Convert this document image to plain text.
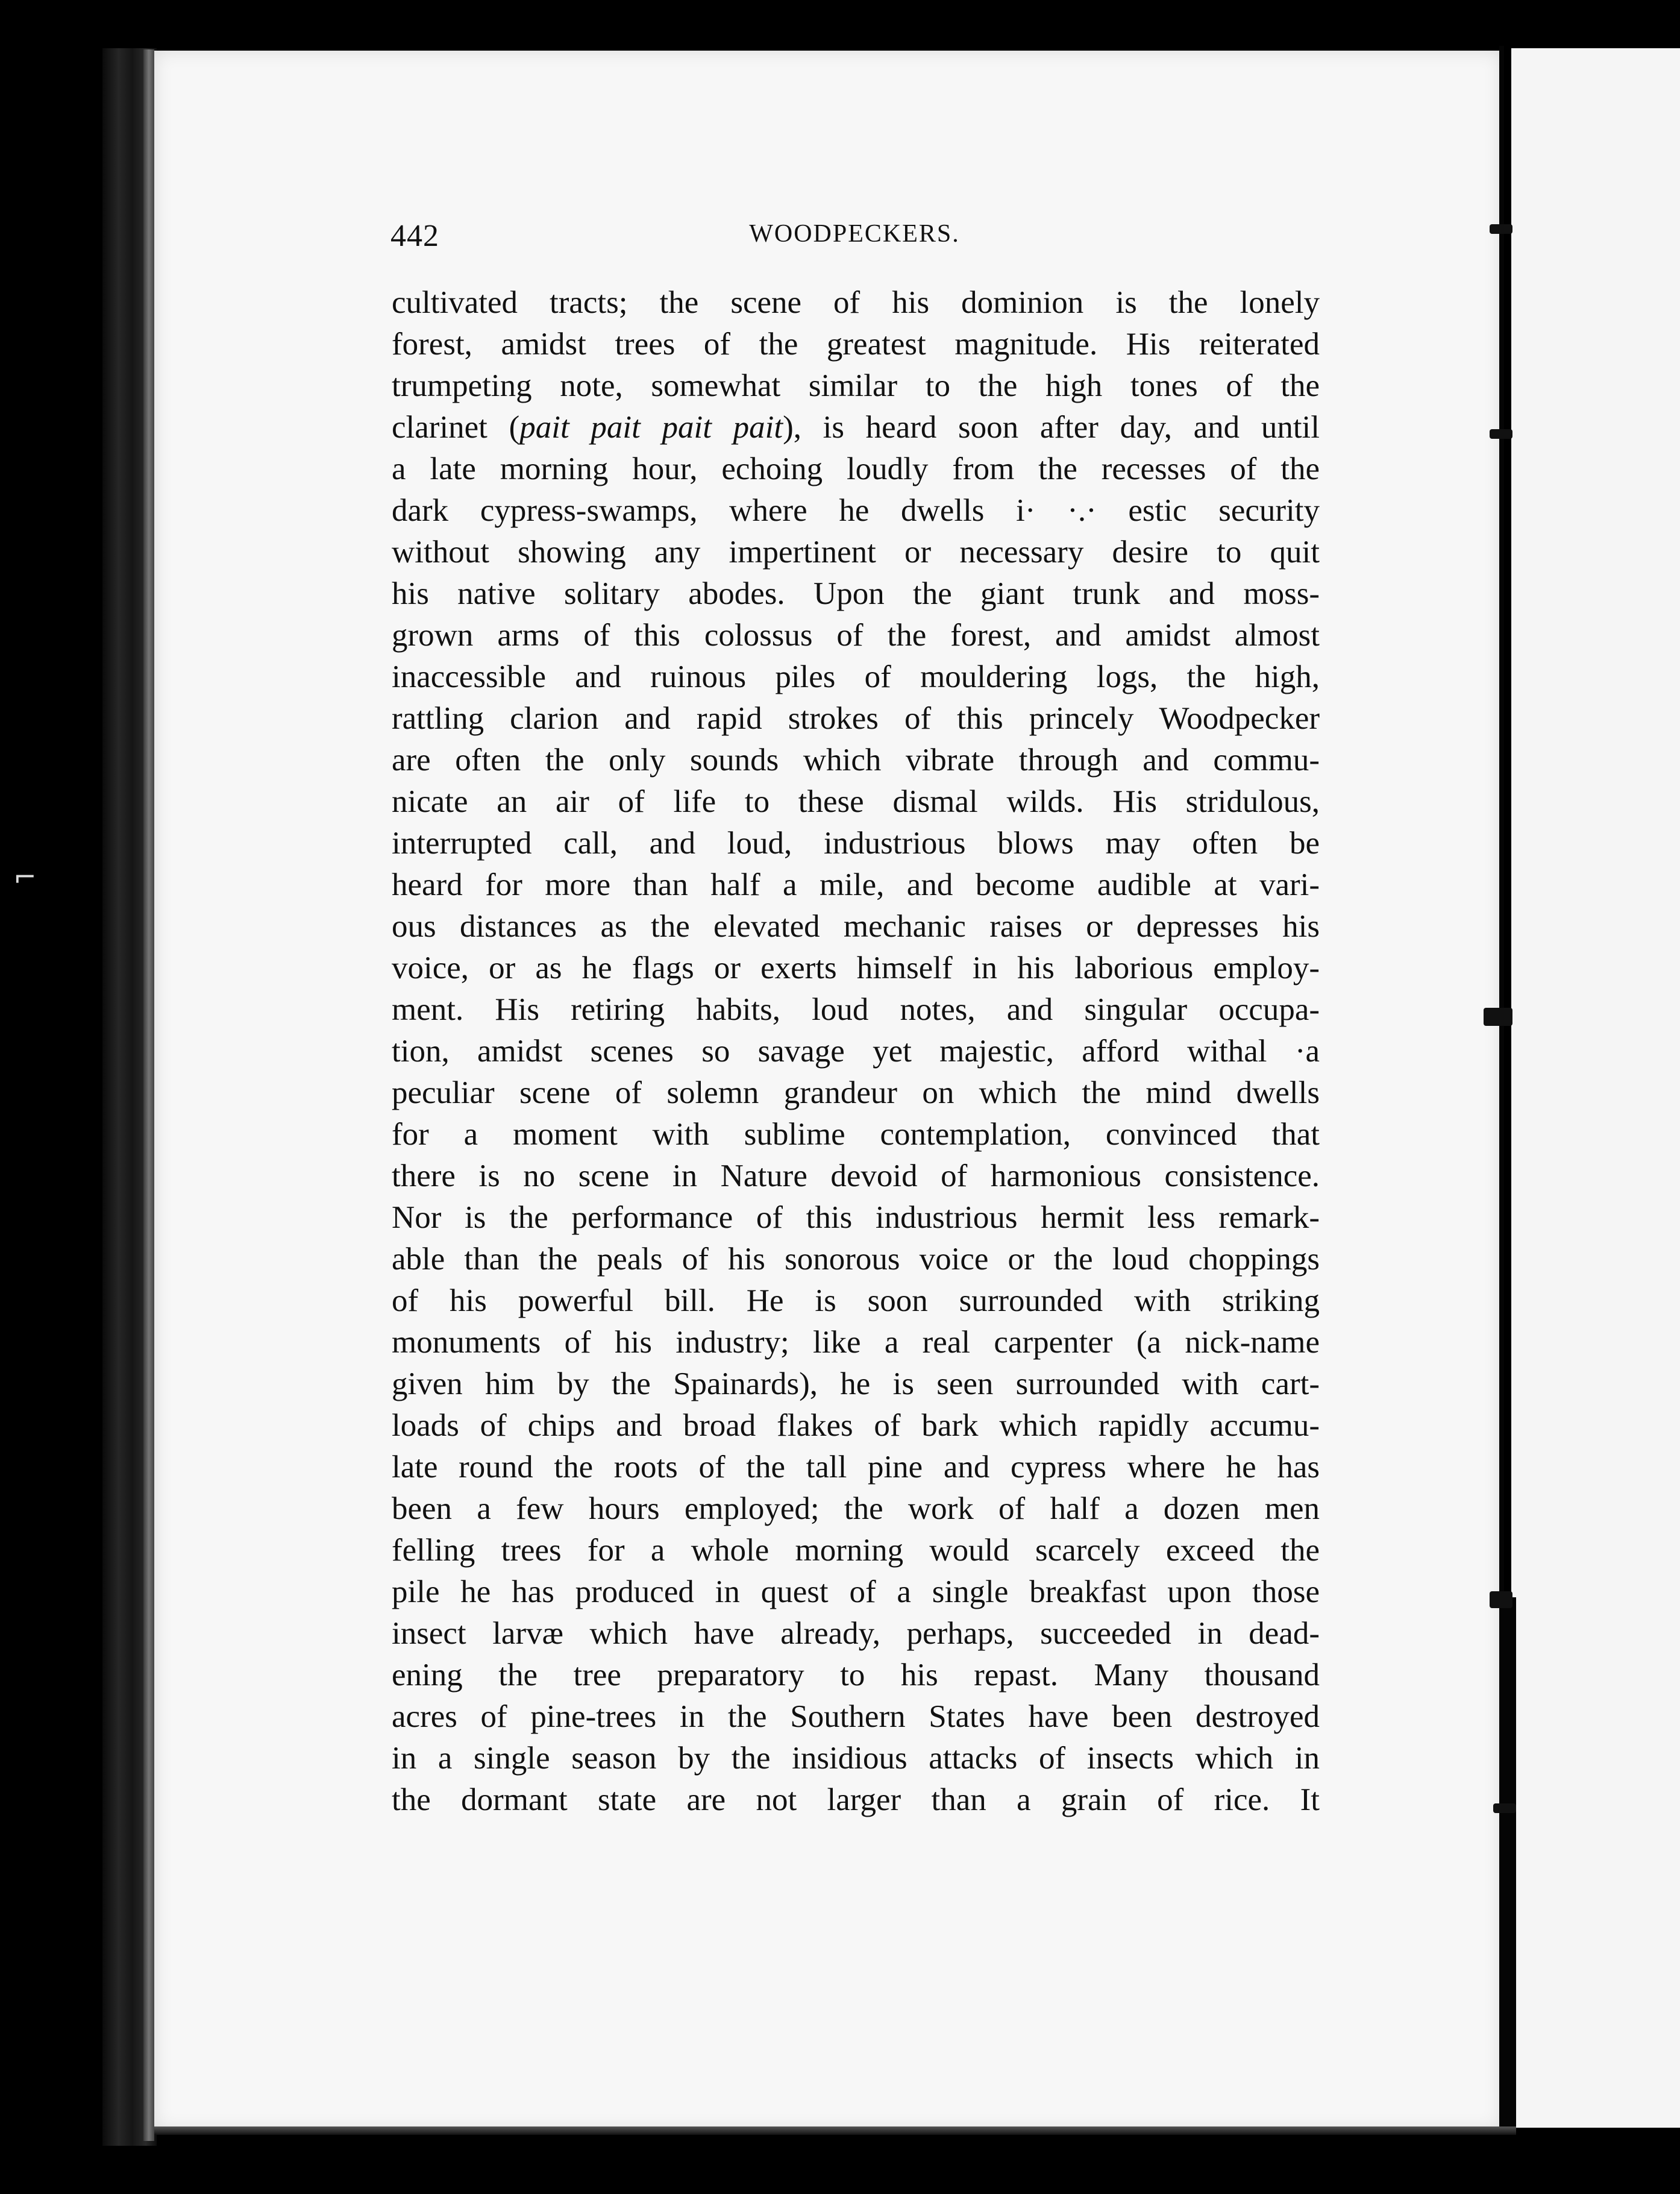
⌐
442	WOODPECKERS.
cultivated tracts; the scene of his dominion is the lonely
forest, amidst trees of the greatest magnitude. His reiterated
trumpeting note, somewhat similar to the high tones of the
clarinet (pait pait pait pait), is heard soon after day, and until
a late morning hour, echoing loudly from the recesses of the
dark cypress-swamps, where he dwells i· ·.· estic security
without showing any impertinent or necessary desire to quit
his native solitary abodes. Upon the giant trunk and moss-
grown arms of this colossus of the forest, and amidst almost
inaccessible and ruinous piles of mouldering logs, the high,
rattling clarion and rapid strokes of this princely Woodpecker
are often the only sounds which vibrate through and commu-
nicate an air of life to these dismal wilds. His stridulous,
interrupted call, and loud, industrious blows may often be
heard for more than half a mile, and become audible at vari-
ous distances as the elevated mechanic raises or depresses his
voice, or as he flags or exerts himself in his laborious employ-
ment. His retiring habits, loud notes, and singular occupa-
tion, amidst scenes so savage yet majestic, afford withal ·a
peculiar scene of solemn grandeur on which the mind dwells
for a moment with sublime contemplation, convinced that
there is no scene in Nature devoid of harmonious consistence.
Nor is the performance of this industrious hermit less remark-
able than the peals of his sonorous voice or the loud choppings
of his powerful bill. He is soon surrounded with striking
monuments of his industry; like a real carpenter (a nick-name
given him by the Spainards), he is seen surrounded with cart-
loads of chips and broad flakes of bark which rapidly accumu-
late round the roots of the tall pine and cypress where he has
been a few hours employed; the work of half a dozen men
felling trees for a whole morning would scarcely exceed the
pile he has produced in quest of a single breakfast upon those
insect larvæ which have already, perhaps, succeeded in dead-
ening the tree preparatory to his repast. Many thousand
acres of pine-trees in the Southern States have been destroyed
in a single season by the insidious attacks of insects which in
the dormant state are not larger than a grain of rice. It
